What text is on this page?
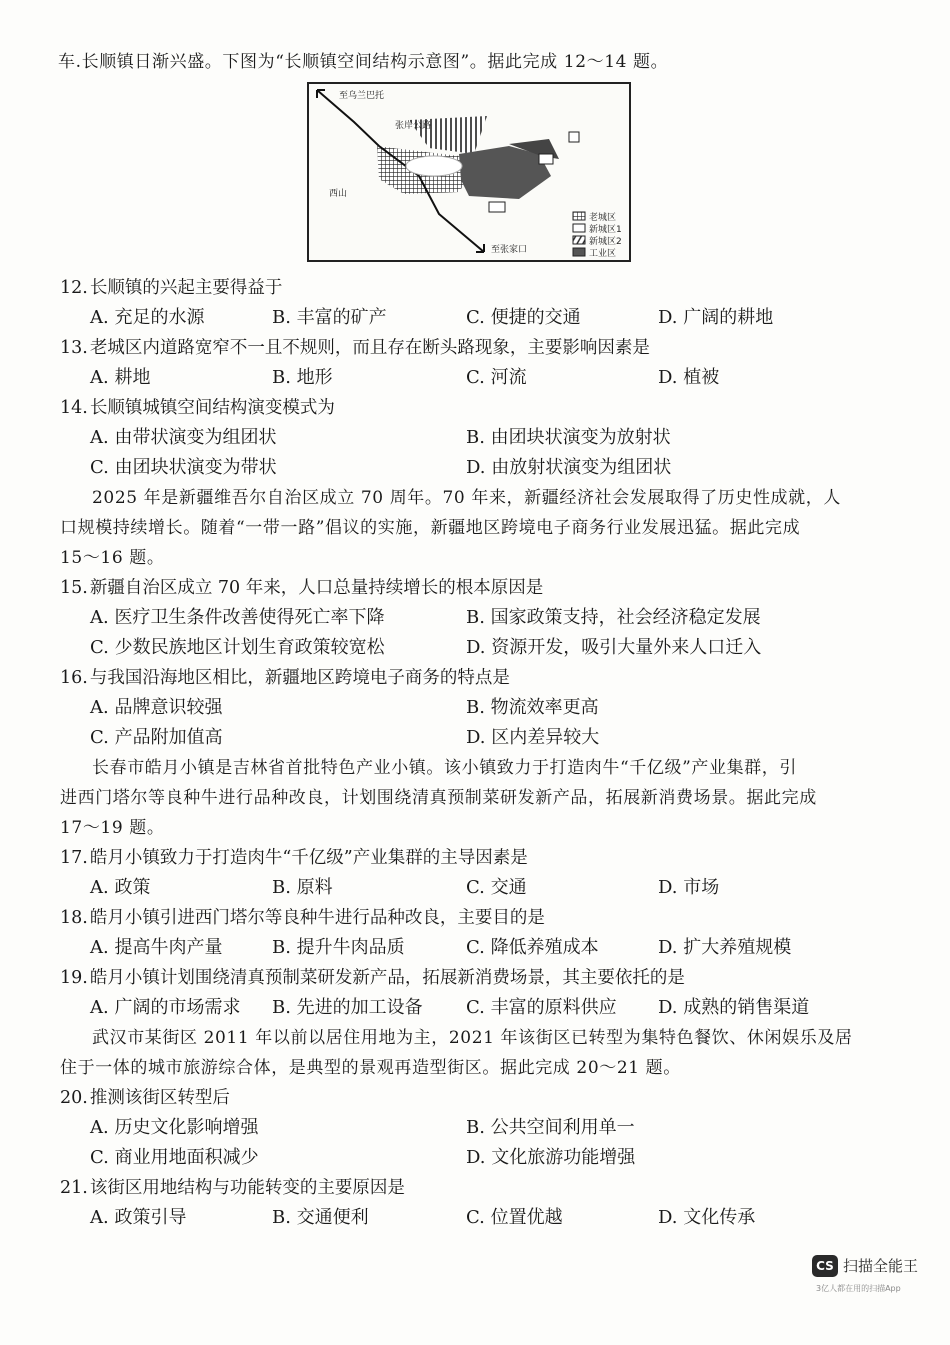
车.长顺镇日渐兴盛。下图为“长顺镇空间结构示意图”。据此完成 12～14 题。
至乌兰巴托
张岸公路
西山
至张家口
老城区
新城区1
新城区2
工业区
12. 长顺镇的兴起主要得益于
A. 充足的水源	B. 丰富的矿产	C. 便捷的交通	D. 广阔的耕地
13. 老城区内道路宽窄不一且不规则，而且存在断头路现象，主要影响因素是
A. 耕地	B. 地形	C. 河流	D. 植被
14. 长顺镇城镇空间结构演变模式为
A. 由带状演变为组团状	B. 由团块状演变为放射状
C. 由团块状演变为带状	D. 由放射状演变为组团状
2025 年是新疆维吾尔自治区成立 70 周年。70 年来，新疆经济社会发展取得了历史性成就，人
口规模持续增长。随着“一带一路”倡议的实施，新疆地区跨境电子商务行业发展迅猛。据此完成
15～16 题。
15. 新疆自治区成立 70 年来，人口总量持续增长的根本原因是
A. 医疗卫生条件改善使得死亡率下降	B. 国家政策支持，社会经济稳定发展
C. 少数民族地区计划生育政策较宽松	D. 资源开发，吸引大量外来人口迁入
16. 与我国沿海地区相比，新疆地区跨境电子商务的特点是
A. 品牌意识较强	B. 物流效率更高
C. 产品附加值高	D. 区内差异较大
长春市皓月小镇是吉林省首批特色产业小镇。该小镇致力于打造肉牛“千亿级”产业集群，引
进西门塔尔等良种牛进行品种改良，计划围绕清真预制菜研发新产品，拓展新消费场景。据此完成
17～19 题。
17. 皓月小镇致力于打造肉牛“千亿级”产业集群的主导因素是
A. 政策	B. 原料	C. 交通	D. 市场
18. 皓月小镇引进西门塔尔等良种牛进行品种改良，主要目的是
A. 提高牛肉产量	B. 提升牛肉品质	C. 降低养殖成本	D. 扩大养殖规模
19. 皓月小镇计划围绕清真预制菜研发新产品，拓展新消费场景，其主要依托的是
A. 广阔的市场需求 B. 先进的加工设备 C. 丰富的原料供应 D. 成熟的销售渠道
武汉市某街区 2011 年以前以居住用地为主，2021 年该街区已转型为集特色餐饮、休闲娱乐及居
住于一体的城市旅游综合体，是典型的景观再造型街区。据此完成 20～21 题。
20. 推测该街区转型后
A. 历史文化影响增强	B. 公共空间利用单一
C. 商业用地面积减少	D. 文化旅游功能增强
21. 该街区用地结构与功能转变的主要原因是
A. 政策引导	B. 交通便利	C. 位置优越	D. 文化传承
CS 扫描全能王
3亿人都在用的扫描App
